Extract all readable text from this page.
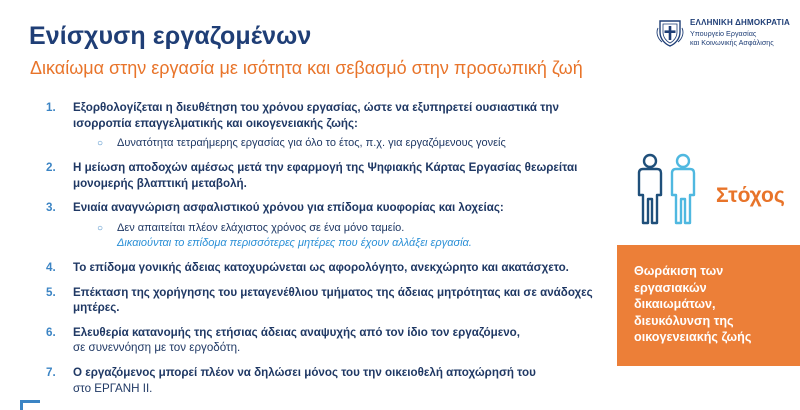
Ενίσχυση εργαζομένων
Δικαίωμα στην εργασία με ισότητα και σεβασμό στην προσωπική ζωή
ΕΛΛΗΝΙΚΗ ΔΗΜΟΚΡΑΤΙΑ
Υπουργείο Εργασίας
και Κοινωνικής Ασφάλισης
1. Εξορθολογίζεται η διευθέτηση του χρόνου εργασίας, ώστε να εξυπηρετεί ουσιαστικά την ισορροπία επαγγελματικής και οικογενειακής ζωής:
○ Δυνατότητα τετραήμερης εργασίας για όλο το έτος, π.χ. για εργαζόμενους γονείς
2. Η μείωση αποδοχών αμέσως μετά την εφαρμογή της Ψηφιακής Κάρτας Εργασίας θεωρείται μονομερής βλαπτική μεταβολή.
3. Ενιαία αναγνώριση ασφαλιστικού χρόνου για επίδομα κυοφορίας και λοχείας:
○ Δεν απαιτείται πλέον ελάχιστος χρόνος σε ένα μόνο ταμείο.
Δικαιούνται το επίδομα περισσότερες μητέρες που έχουν αλλάξει εργασία.
4. Το επίδομα γονικής άδειας κατοχυρώνεται ως αφορολόγητο, ανεκχώρητο και ακατάσχετο.
5. Επέκταση της χορήγησης του μεταγενέθλιου τμήματος της άδειας μητρότητας και σε ανάδοχες μητέρες.
6. Ελευθερία κατανομής της ετήσιας άδειας αναψυχής από τον ίδιο τον εργαζόμενο,
σε συνεννόηση με τον εργοδότη.
7. Ο εργαζόμενος μπορεί πλέον να δηλώσει μόνος του την οικειοθελή αποχώρησή του
στο ΕΡΓΑΝΗ ΙΙ.
Στόχος
Θωράκιση των εργασιακών δικαιωμάτων, διευκόλυνση της οικογενειακής ζωής
